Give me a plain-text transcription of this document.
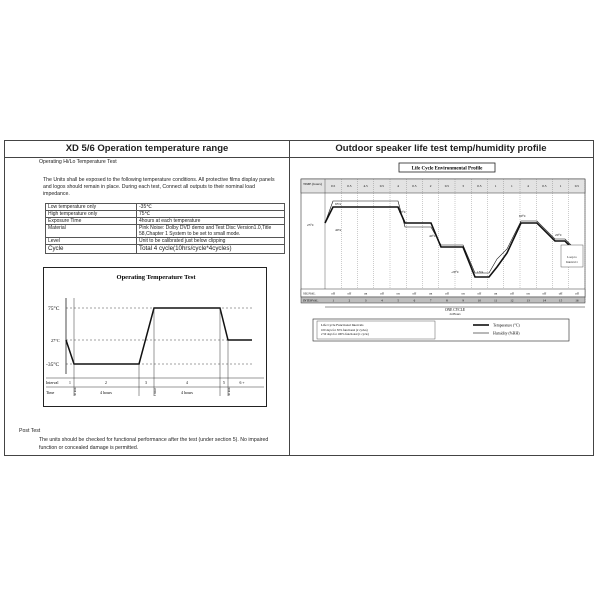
XD 5/6 Operation temperature range
Operating Hi/Lo Temperature Test
The Units shall be exposed to the following temperature conditions. All protective films display panels and logos should remain in place. During each test, Connect all outputs to their nominal load impedance.
Low temperature only	-35℃
High temperature only	75℃
Exposure Time	4hours at each temperature
Material	Pink Noise: Dolby DVD demo and Test Disc Version1.0,Title 58,Chapter 1 System to be set to small mode.
Level	Unit to be calibrated just below clipping
Cycle	Total 4 cycle(10hrs/cycle*4cycles)
Operating Temperature Test
75°C
27°C
-35°C
Interval	1	2	3	4	5	6 +
Time	4 hours	4 hours
30 min	1 hour	30 min
Post Test
The units should be checked for functional performance after the test (under section 5). No impaired function or concealed damage is permitted.
Outdoor speaker life test temp/humidity profile
Life Cycle Environmental Profile
TIME (hours)	0.5	0.5	4.5	0.5	4	0.5	2	0.5	3	0.5	1	1	4	0.5	1	0.5
95%
40%
23°C
50°C
40°C
-20°C	15%
60°C
20°C
Loop to
Interval 1
SIGNAL	off	off	on	off	on	off	on	off	on	off	on	off	on	off	off	off
INTERVAL	1	2	3	4	5	6	7	8	9	10	11	12	13	14	15	16
ONE CYCLE
24 Hours
Life Cycle Functional Intervals
100 days for 50% functional (2 cycles)
2 50 days for 100% functional (1 cycle)
Temperature (°C)
Humidity (%RH)
